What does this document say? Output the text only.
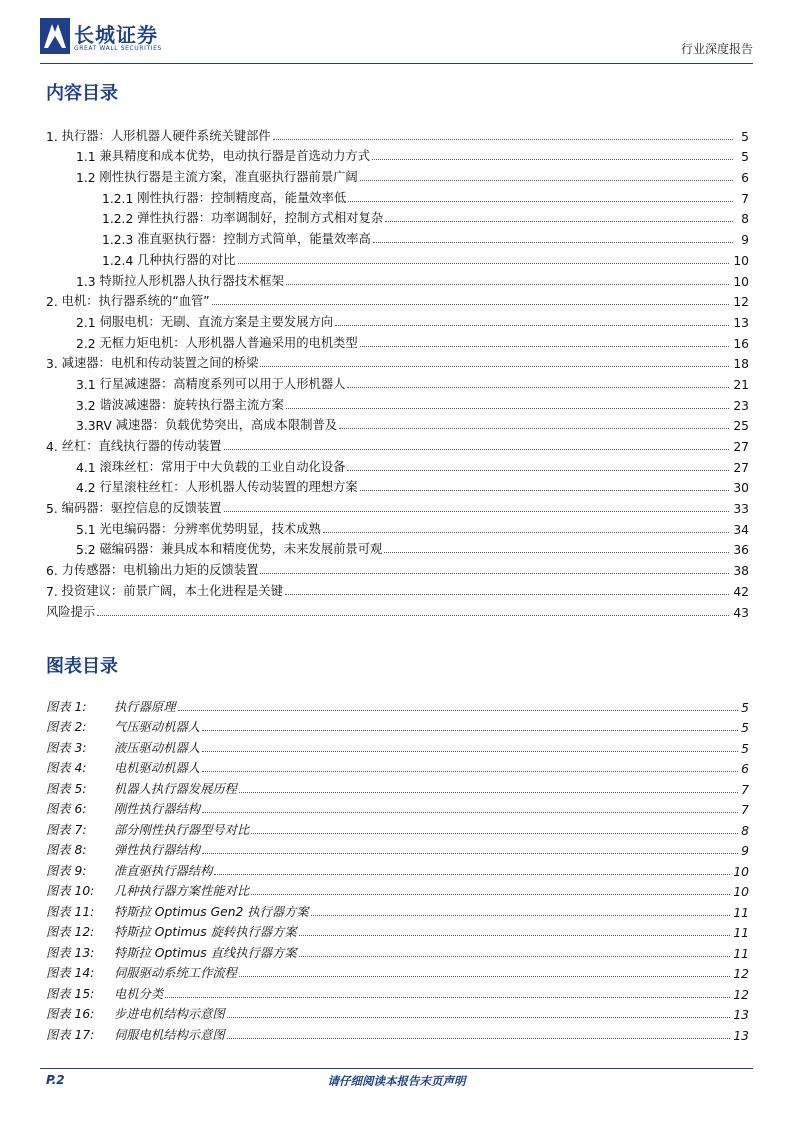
长城证券
GREAT WALL SECURITIES	行业深度报告
内容目录
1. 执行器：人形机器人硬件系统关键部件	5
1.1 兼具精度和成本优势，电动执行器是首选动力方式	5
1.2 刚性执行器是主流方案，准直驱执行器前景广阔	6
1.2.1 刚性执行器：控制精度高，能量效率低	7
1.2.2 弹性执行器：功率调制好，控制方式相对复杂	8
1.2.3 准直驱执行器：控制方式简单，能量效率高	9
1.2.4 几种执行器的对比	10
1.3 特斯拉人形机器人执行器技术框架	10
2. 电机：执行器系统的“血管”	12
2.1 伺服电机：无刷、直流方案是主要发展方向	13
2.2 无框力矩电机：人形机器人普遍采用的电机类型	16
3. 减速器：电机和传动装置之间的桥梁	18
3.1 行星减速器：高精度系列可以用于人形机器人	21
3.2 谐波减速器：旋转执行器主流方案	23
3.3RV 减速器：负载优势突出，高成本限制普及	25
4. 丝杠：直线执行器的传动装置	27
4.1 滚珠丝杠：常用于中大负载的工业自动化设备	27
4.2 行星滚柱丝杠：人形机器人传动装置的理想方案	30
5. 编码器：驱控信息的反馈装置	33
5.1 光电编码器：分辨率优势明显，技术成熟	34
5.2 磁编码器：兼具成本和精度优势，未来发展前景可观	36
6. 力传感器：电机输出力矩的反馈装置	38
7. 投资建议：前景广阔，本土化进程是关键	42
风险提示	43
图表目录
图表 1:	执行器原理	5
图表 2:	气压驱动机器人	5
图表 3:	液压驱动机器人	5
图表 4:	电机驱动机器人	6
图表 5:	机器人执行器发展历程	7
图表 6:	刚性执行器结构	7
图表 7:	部分刚性执行器型号对比	8
图表 8:	弹性执行器结构	9
图表 9:	准直驱执行器结构	10
图表 10:	几种执行器方案性能对比	10
图表 11:	特斯拉 Optimus Gen2 执行器方案	11
图表 12:	特斯拉 Optimus 旋转执行器方案	11
图表 13:	特斯拉 Optimus 直线执行器方案	11
图表 14:	伺服驱动系统工作流程	12
图表 15:	电机分类	12
图表 16:	步进电机结构示意图	13
图表 17:	伺服电机结构示意图	13
P.2	请仔细阅读本报告末页声明
